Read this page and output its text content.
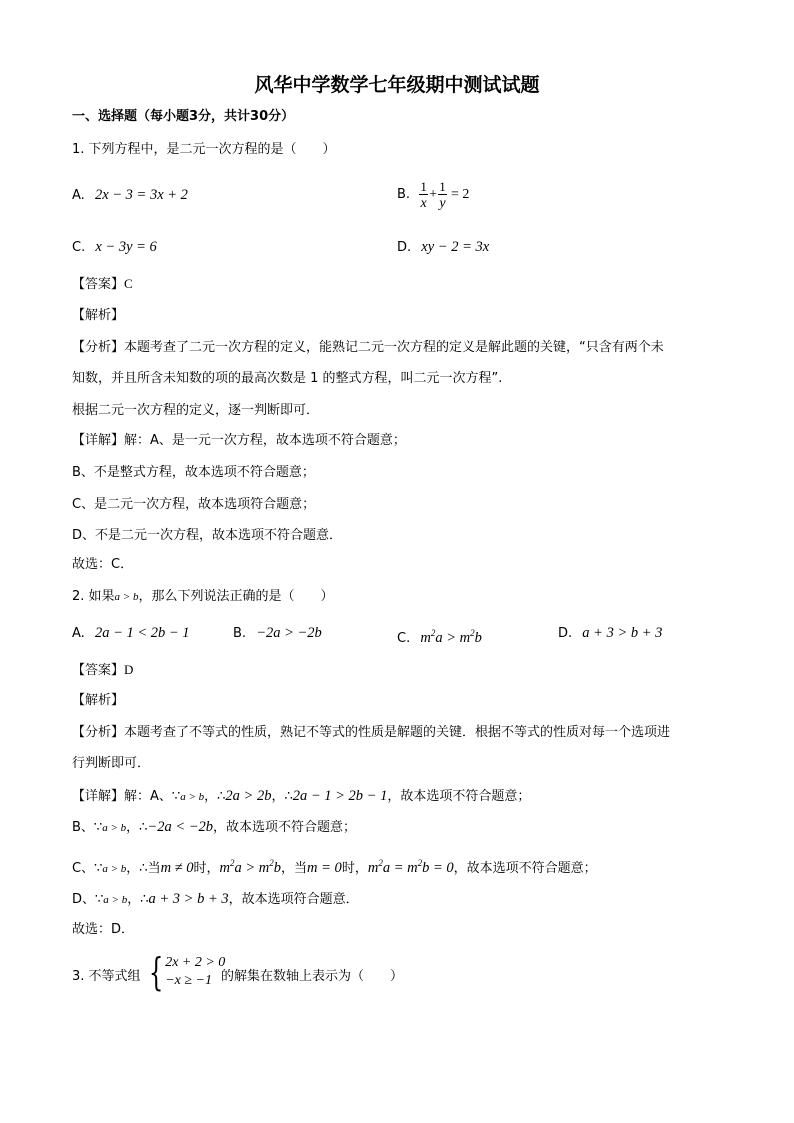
风华中学数学七年级期中测试试题
一、选择题（每小题3分，共计30分）
1. 下列方程中，是二元一次方程的是（　　）
A. 2x − 3 = 3x + 2	B. $\frac{1}{x} + \frac{1}{y} = 2$
C. x − 3y = 6	D. xy − 2 = 3x
【答案】C
【解析】
【分析】本题考查了二元一次方程的定义，能熟记二元一次方程的定义是解此题的关键，“只含有两个未
知数，并且所含未知数的项的最高次数是 1 的整式方程，叫二元一次方程”.
根据二元一次方程的定义，逐一判断即可．
【详解】解：A、是一元一次方程，故本选项不符合题意；
B、不是整式方程，故本选项不符合题意；
C、是二元一次方程，故本选项符合题意；
D、不是二元一次方程，故本选项不符合题意．
故选：C．
2. 如果a > b，那么下列说法正确的是（　　）
A. 2a − 1 < 2b − 1	B. −2a > −2b	C. $m^2a > m^2b$	D. a + 3 > b + 3
【答案】D
【解析】
【分析】本题考查了不等式的性质，熟记不等式的性质是解题的关键．根据不等式的性质对每一个选项进
行判断即可．
【详解】解：A、∵a > b，∴2a > 2b，∴2a − 1 > 2b − 1，故本选项不符合题意；
B、∵a > b，∴−2a < −2b，故本选项不符合题意；
C、∵a > b，∴当m ≠ 0时，$m^2a > m^2b$，当m = 0时，$m^2a = m^2b = 0$，故本选项不符合题意；
D、∵a > b，∴a + 3 > b + 3，故本选项符合题意．
故选：D．
3. 不等式组 { 2x + 2 > 0
−x ≥ −1 的解集在数轴上表示为（　　）
